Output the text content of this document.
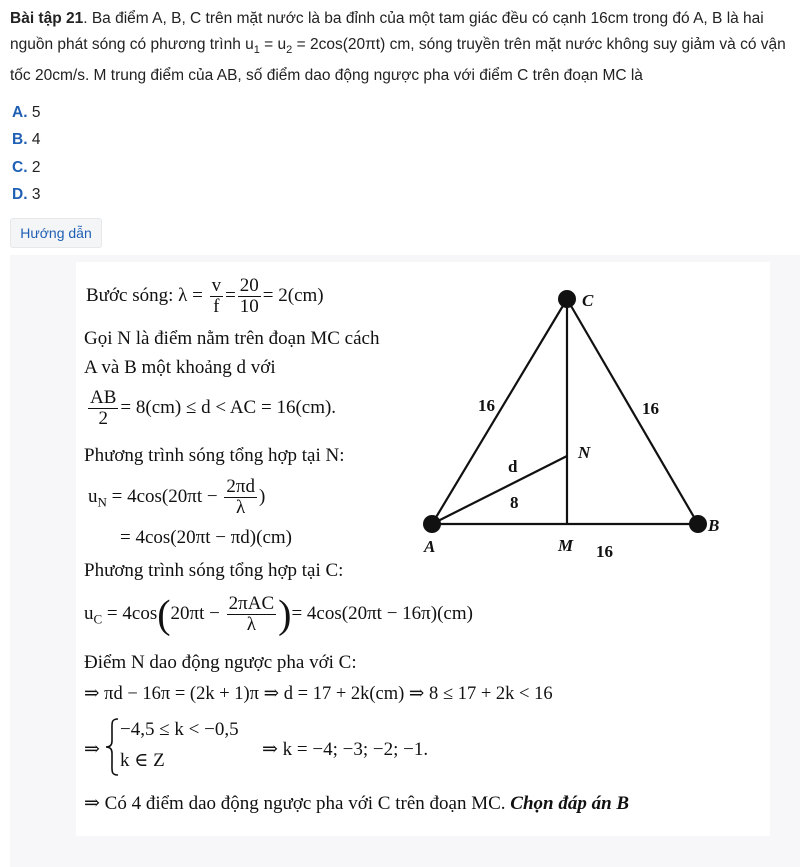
Bài tập 21. Ba điểm A, B, C trên mặt nước là ba đỉnh của một tam giác đều có cạnh 16cm trong đó A, B là hai nguồn phát sóng có phương trình $u_1 = u_2 = 2\cos(20\pi t)$ cm, sóng truyền trên mặt nước không suy giảm và có vận tốc 20cm/s. M trung điểm của AB, số điểm dao động ngược pha với điểm C trên đoạn MC là
A. 5
B. 4
C. 2
D. 3
Hướng dẫn
Bước sóng: $\lambda = \frac{v}{f} = \frac{20}{10} = 2(cm)$
Gọi N là điểm nằm trên đoạn MC cách
A và B một khoảng d với
$\frac{AB}{2} = 8(cm) \le d$ < AC = 16(cm).
Phương trình sóng tổng hợp tại N:
$u_N = 4\cos(20\pi t - \frac{2\pi d}{\lambda}$ )
= 4cos(20πt − πd)(cm)
Phương trình sóng tổng hợp tại C:
$u_C = 4\cos(20\pi t - \frac{\text{2πAC}}{\lambda}$ )= 4cos(20πt − 16π)(cm)
Điểm N dao động ngược pha với C:
⇒ πd − 16π = (2k + 1)π ⇒ d = 17 + 2k(cm) ⇒ 8 ≤ 17 + 2k < 16
⇒
−4,5 ≤ k < −0,5
k ∈ Z
⇒ k = −4; −3; −2; −1.
⇒ Có 4 điểm dao động ngược pha với C trên đoạn MC. Chọn đáp án B
C
A
B
M
N
d
8
16	16
16
